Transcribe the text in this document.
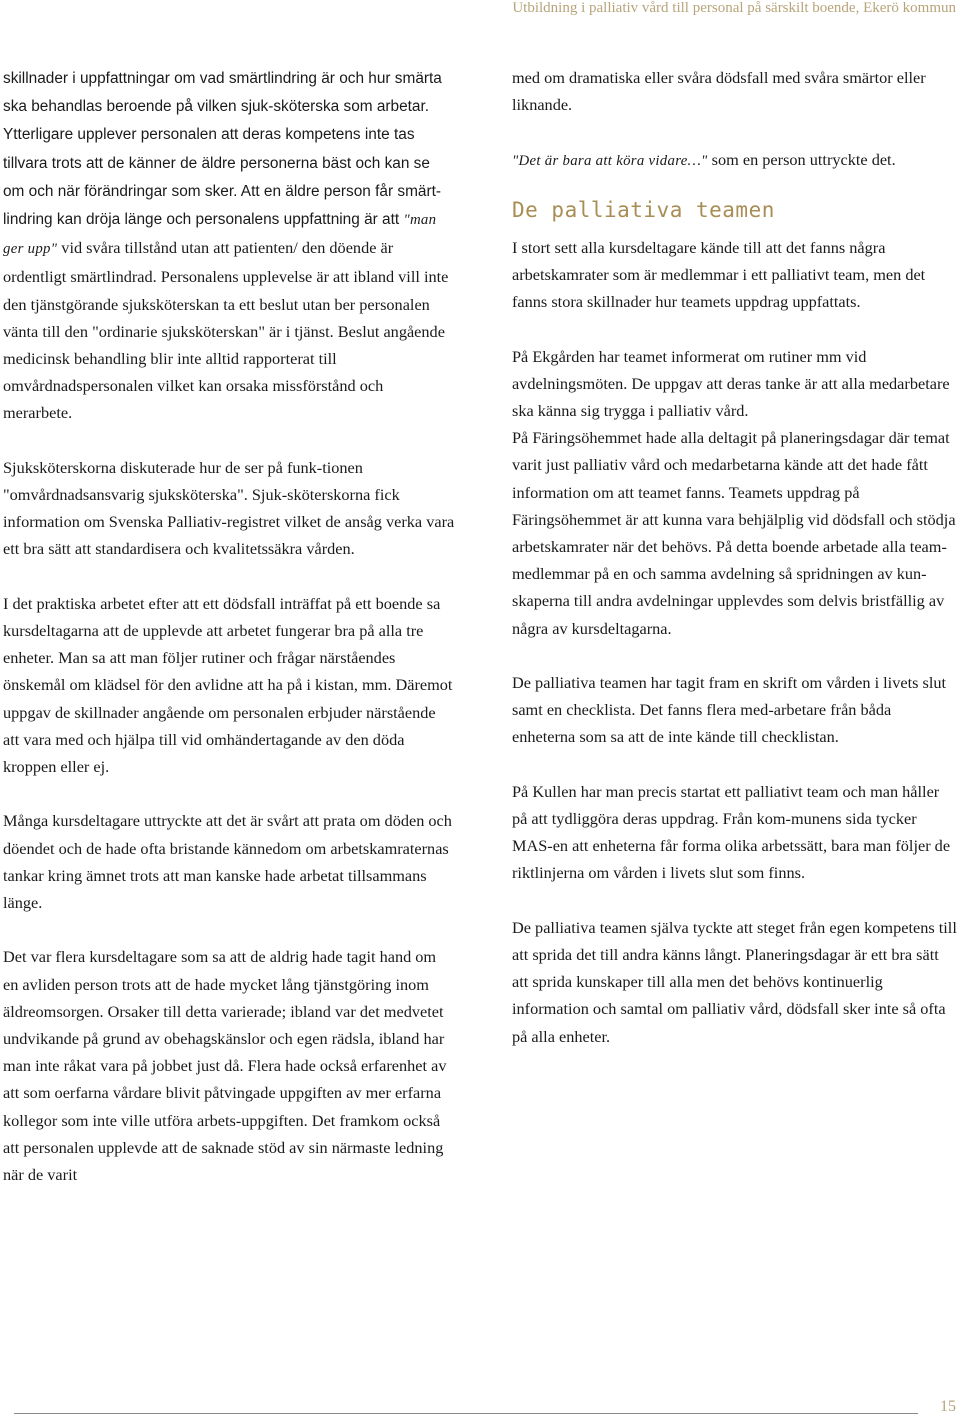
Utbildning i palliativ vård till personal på särskilt boende, Ekerö kommun

skillnader i uppfattningar om vad smärtlindring är och hur smärta ska behandlas beroende på vilken sjuk-sköterska som arbetar. Ytterligare upplever personalen att deras kompetens inte tas tillvara trots att de känner de äldre personerna bäst och kan se om och när förändringar som sker. Att en äldre person får smärt-lindring kan dröja länge och personalens uppfattning är att "man ger upp" vid svåra tillstånd utan att patienten/ den döende är ordentligt smärtlindrad. Personalens upplevelse är att ibland vill inte den tjänstgörande sjuksköterskan ta ett beslut utan ber personalen vänta till den "ordinarie sjuksköterskan" är i tjänst. Beslut angående medicinsk behandling blir inte alltid rapporterat till omvårdnadspersonalen vilket kan orsaka missförstånd och merarbete.

Sjuksköterskorna diskuterade hur de ser på funk-tionen "omvårdnadsansvarig sjuksköterska". Sjuk-sköterskorna fick information om Svenska Palliativ-registret vilket de ansåg verka vara ett bra sätt att standardisera och kvalitetssäkra vården.

I det praktiska arbetet efter att ett dödsfall inträffat på ett boende sa kursdeltagarna att de upplevde att arbetet fungerar bra på alla tre enheter. Man sa att man följer rutiner och frågar närståendes önskemål om klädsel för den avlidne att ha på i kistan, mm. Däremot uppgav de skillnader angående om personalen erbjuder närstående att vara med och hjälpa till vid omhändertagande av den döda kroppen eller ej.

Många kursdeltagare uttryckte att det är svårt att prata om döden och döendet och de hade ofta bristande kännedom om arbetskamraternas tankar kring ämnet trots att man kanske hade arbetat tillsammans länge.

Det var flera kursdeltagare som sa att de aldrig hade tagit hand om en avliden person trots att de hade mycket lång tjänstgöring inom äldreomsorgen. Orsaker till detta varierade; ibland var det medvetet undvikande på grund av obehagskänslor och egen rädsla, ibland har man inte råkat vara på jobbet just då. Flera hade också erfarenhet av att som oerfarna vårdare blivit påtvingade uppgiften av mer erfarna kollegor som inte ville utföra arbets-uppgiften. Det framkom också att personalen upplevde att de saknade stöd av sin närmaste ledning när de varit

med om dramatiska eller svåra dödsfall med svåra smärtor eller liknande.

"Det är bara att köra vidare…" som en person uttryckte det.

De palliativa teamen

I stort sett alla kursdeltagare kände till att det fanns några arbetskamrater som är medlemmar i ett palliativt team, men det fanns stora skillnader hur teamets uppdrag uppfattats.

På Ekgården har teamet informerat om rutiner mm vid avdelningsmöten. De uppgav att deras tanke är att alla medarbetare ska känna sig trygga i palliativ vård.

På Färingsöhemmet hade alla deltagit på planeringsdagar där temat varit just palliativ vård och medarbetarna kände att det hade fått information om att teamet fanns. Teamets uppdrag på Färingsöhemmet är att kunna vara behjälplig vid dödsfall och stödja arbetskamrater när det behövs. På detta boende arbetade alla team-medlemmar på en och samma avdelning så spridningen av kun-skaperna till andra avdelningar upplevdes som delvis bristfällig av några av kursdeltagarna.

De palliativa teamen har tagit fram en skrift om vården i livets slut samt en checklista. Det fanns flera med-arbetare från båda enheterna som sa att de inte kände till checklistan.

På Kullen har man precis startat ett palliativt team och man håller på att tydliggöra deras uppdrag. Från kom-munens sida tycker MAS-en att enheterna får forma olika arbetssätt, bara man följer de riktlinjerna om vården i livets slut som finns.

De palliativa teamen själva tyckte att steget från egen kompetens till att sprida det till andra känns långt. Planeringsdagar är ett bra sätt att sprida kunskaper till alla men det behövs kontinuerlig information och samtal om palliativ vård, dödsfall sker inte så ofta på alla enheter.

15
